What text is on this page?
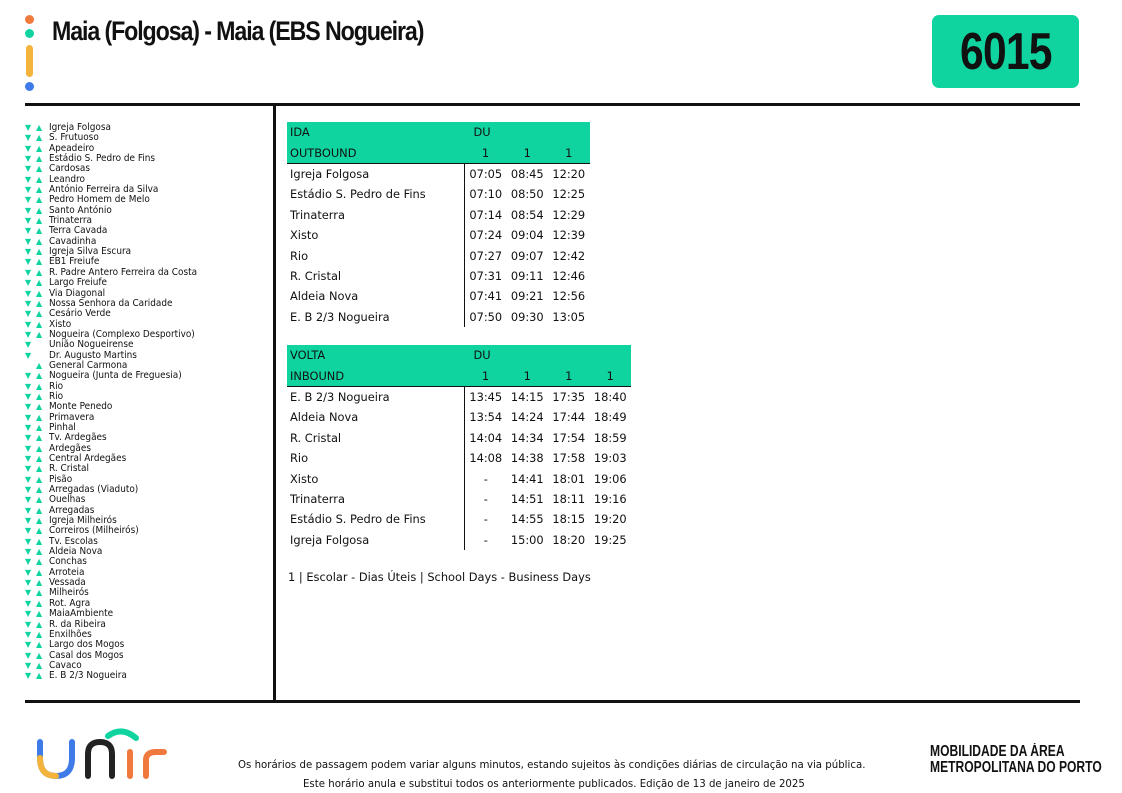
Maia (Folgosa) - Maia (EBS Nogueira)	6015
▼ ▲ Igreja Folgosa
▼ ▲ S. Frutuoso
▼ ▲ Apeadeiro
▼ ▲ Estádio S. Pedro de Fins
▼ ▲ Cardosas
▼ ▲ Leandro
▼ ▲ António Ferreira da Silva
▼ ▲ Pedro Homem de Melo
▼ ▲ Santo António
▼ ▲ Trinaterra
▼ ▲ Terra Cavada
▼ ▲ Cavadinha
▼ ▲ Igreja Silva Escura
▼ ▲ EB1 Freiufe
▼ ▲ R. Padre Antero Ferreira da Costa
▼ ▲ Largo Freiufe
▼ ▲ Via Diagonal
▼ ▲ Nossa Senhora da Caridade
▼ ▲ Cesário Verde
▼ ▲ Xisto
▼ ▲ Nogueira (Complexo Desportivo)
▼ União Nogueirense
▼ Dr. Augusto Martins
▲ General Carmona
▼ ▲ Nogueira (Junta de Freguesia)
▼ ▲ Rio
▼ ▲ Rio
▼ ▲ Monte Penedo
▼ ▲ Primavera
▼ ▲ Pinhal
▼ ▲ Tv. Ardegães
▼ ▲ Ardegães
▼ ▲ Central Ardegães
▼ ▲ R. Cristal
▼ ▲ Pisão
▼ ▲ Arregadas (Viaduto)
▼ ▲ Ouelhas
▼ ▲ Arregadas
▼ ▲ Igreja Milheirós
▼ ▲ Correiros (Milheirós)
▼ ▲ Tv. Escolas
▼ ▲ Aldeia Nova
▼ ▲ Conchas
▼ ▲ Arroteia
▼ ▲ Vessada
▼ ▲ Milheirós
▼ ▲ Rot. Agra
▼ ▲ MaiaAmbiente
▼ ▲ R. da Ribeira
▼ ▲ Enxilhões
▼ ▲ Largo dos Mogos
▼ ▲ Casal dos Mogos
▼ ▲ Cavaco
▼ ▲ E. B 2/3 Nogueira
IDA	DU		
OUTBOUND	1	1	1
Igreja Folgosa	07:05	08:45	12:20
Estádio S. Pedro de Fins	07:10	08:50	12:25
Trinaterra	07:14	08:54	12:29
Xisto	07:24	09:04	12:39
Rio	07:27	09:07	12:42
R. Cristal	07:31	09:11	12:46
Aldeia Nova	07:41	09:21	12:56
E. B 2/3 Nogueira	07:50	09:30	13:05
VOLTA	DU			
INBOUND	1	1	1	1
E. B 2/3 Nogueira	13:45	14:15	17:35	18:40
Aldeia Nova	13:54	14:24	17:44	18:49
R. Cristal	14:04	14:34	17:54	18:59
Rio	14:08	14:38	17:58	19:03
Xisto	-	14:41	18:01	19:06
Trinaterra	-	14:51	18:11	19:16
Estádio S. Pedro de Fins	-	14:55	18:15	19:20
Igreja Folgosa	-	15:00	18:20	19:25
1 | Escolar - Dias Úteis | School Days - Business Days
Os horários de passagem podem variar alguns minutos, estando sujeitos às condições diárias de circulação na via pública.
Este horário anula e substitui todos os anteriormente publicados. Edição de 13 de janeiro de 2025
MOBILIDADE DA ÁREA
METROPOLITANA DO PORTO
